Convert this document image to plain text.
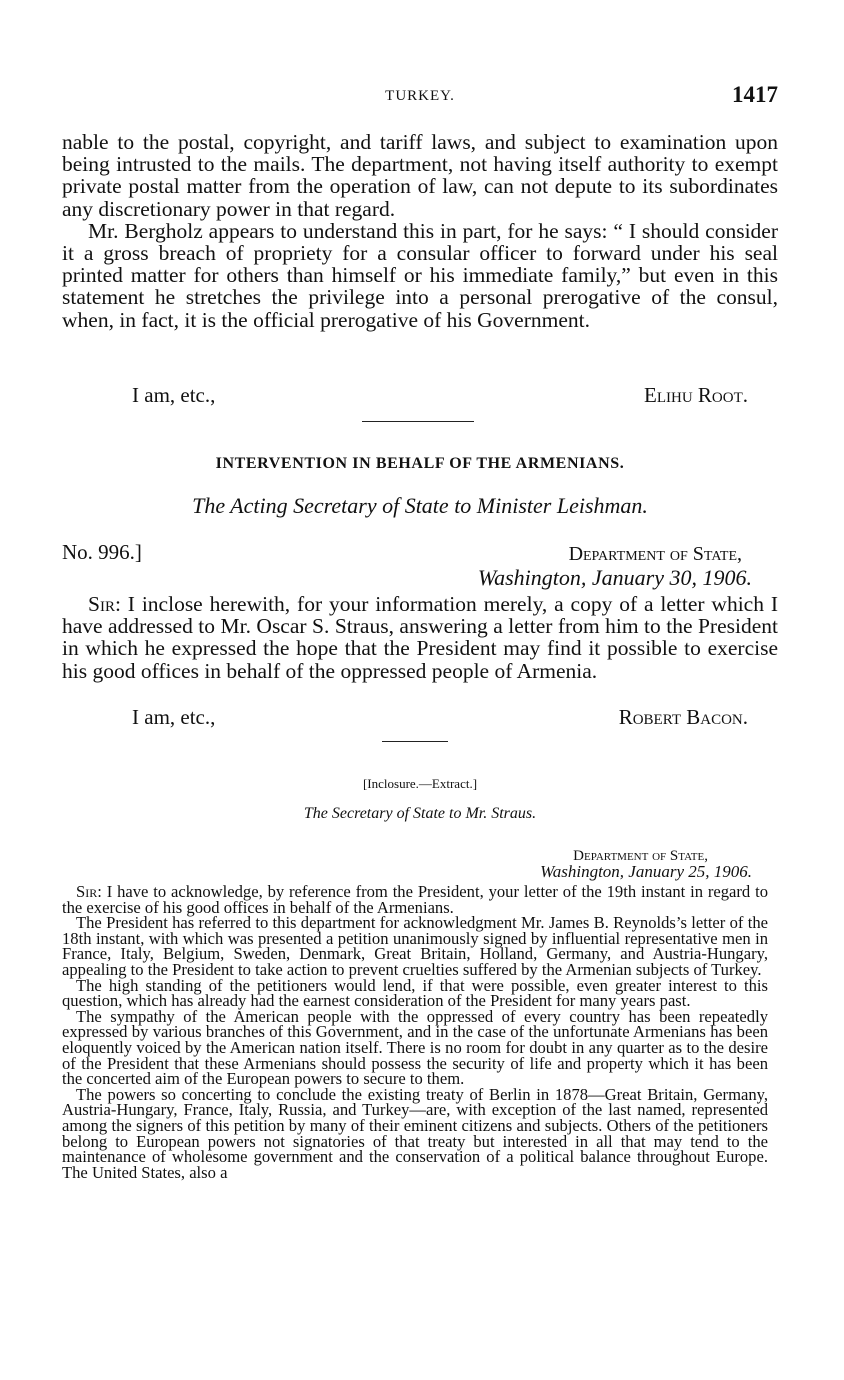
TURKEY.	1417

nable to the postal, copyright, and tariff laws, and subject to examination upon being intrusted to the mails. The department, not having itself authority to exempt private postal matter from the operation of law, can not depute to its subordinates any discretionary power in that regard.

Mr. Bergholz appears to understand this in part, for he says: “ I should consider it a gross breach of propriety for a consular officer to forward under his seal printed matter for others than himself or his immediate family,” but even in this statement he stretches the privilege into a personal prerogative of the consul, when, in fact, it is the official prerogative of his Government.

I am, etc.,	Elihu Root.
INTERVENTION IN BEHALF OF THE ARMENIANS.
The Acting Secretary of State to Minister Leishman.
No. 996.]	Department of State,
Washington, January 30, 1906.

Sir: I inclose herewith, for your information merely, a copy of a letter which I have addressed to Mr. Oscar S. Straus, answering a letter from him to the President in which he expressed the hope that the President may find it possible to exercise his good offices in behalf of the oppressed people of Armenia.

I am, etc.,	Robert Bacon.
[Inclosure.—Extract.]
The Secretary of State to Mr. Straus.
Department of State,
Washington, January 25, 1906.

Sir: I have to acknowledge, by reference from the President, your letter of the 19th instant in regard to the exercise of his good offices in behalf of the Armenians.

The President has referred to this department for acknowledgment Mr. James B. Reynolds’s letter of the 18th instant, with which was presented a petition unanimously signed by influential representative men in France, Italy, Belgium, Sweden, Denmark, Great Britain, Holland, Germany, and Austria-Hungary, appealing to the President to take action to prevent cruelties suffered by the Armenian subjects of Turkey.

The high standing of the petitioners would lend, if that were possible, even greater interest to this question, which has already had the earnest consideration of the President for many years past.

The sympathy of the American people with the oppressed of every country has been repeatedly expressed by various branches of this Government, and in the case of the unfortunate Armenians has been eloquently voiced by the American nation itself. There is no room for doubt in any quarter as to the desire of the President that these Armenians should possess the security of life and property which it has been the concerted aim of the European powers to secure to them.

The powers so concerting to conclude the existing treaty of Berlin in 1878—Great Britain, Germany, Austria-Hungary, France, Italy, Russia, and Turkey—are, with exception of the last named, represented among the signers of this petition by many of their eminent citizens and subjects. Others of the petitioners belong to European powers not signatories of that treaty but interested in all that may tend to the maintenance of wholesome government and the conservation of a political balance throughout Europe. The United States, also a
